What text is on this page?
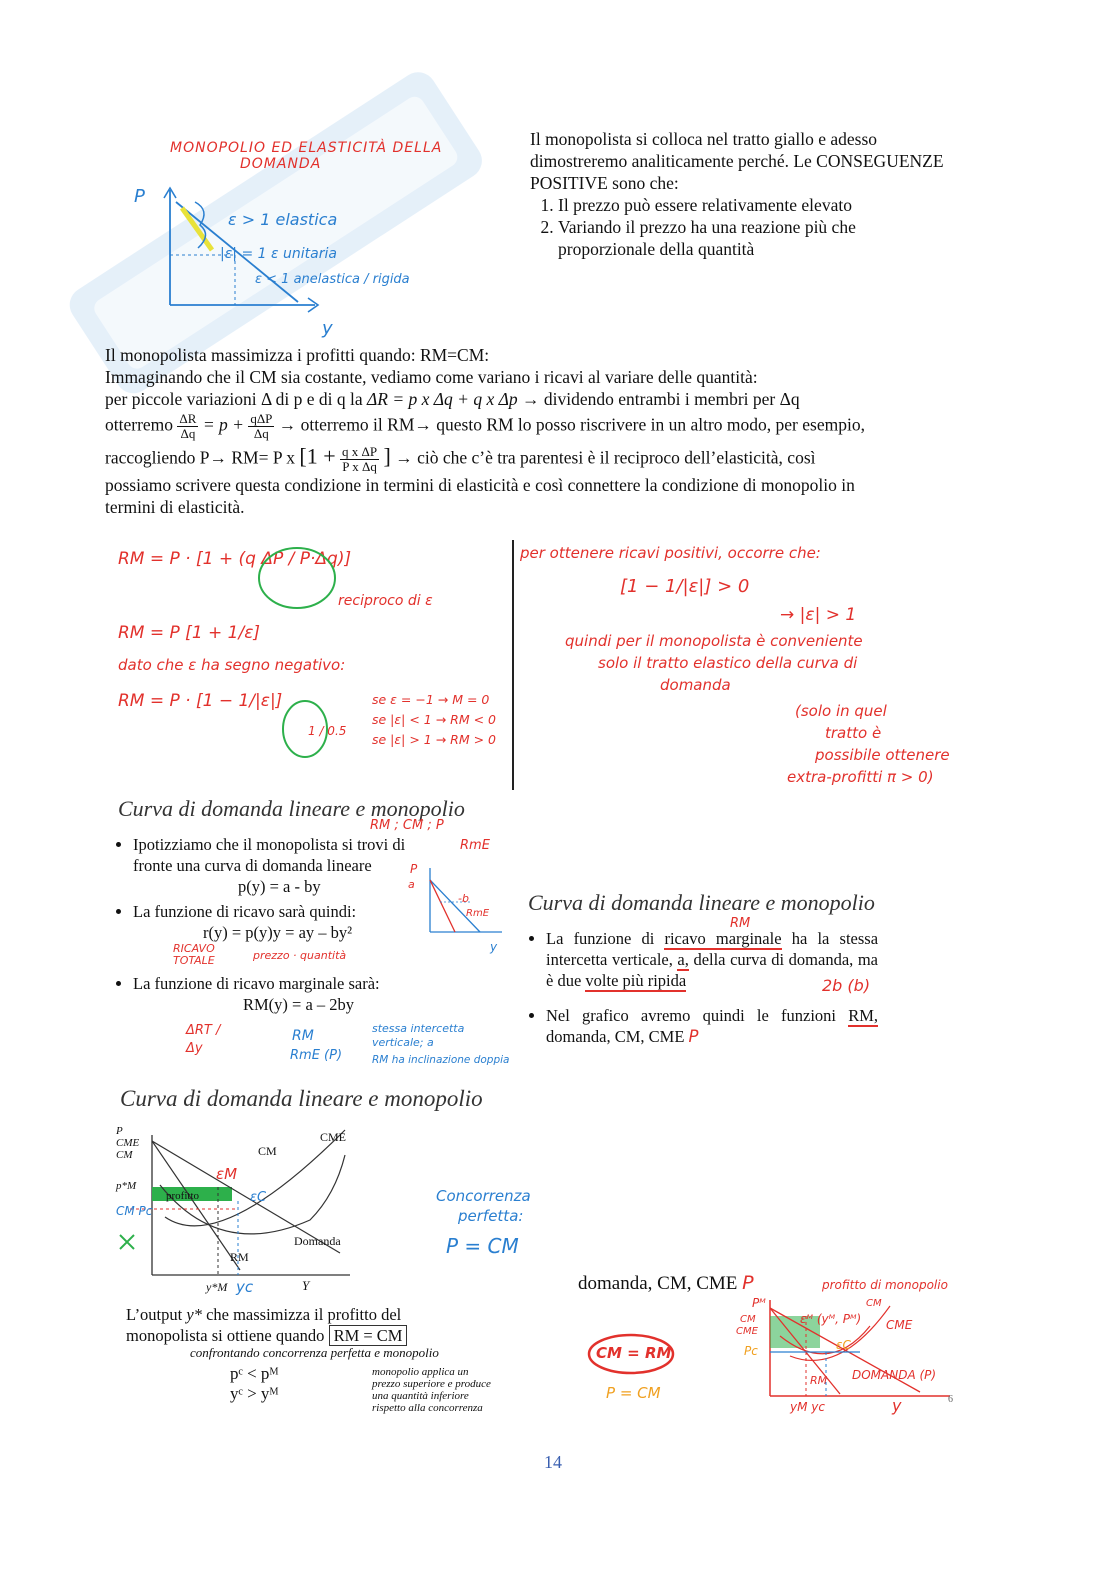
MONOPOLIO ED ELASTICITÀ DELLA
DOMANDA
P
y
ε > 1 elastica
|ε| = 1 ε unitaria
ε < 1 anelastica / rigida
Il monopolista si colloca nel tratto giallo e adesso dimostreremo analiticamente perché. Le CONSEGUENZE POSITIVE sono che:
1. Il prezzo può essere relativamente elevato
2. Variando il prezzo ha una reazione più che proporzionale della quantità
Il monopolista massimizza i profitti quando: RM=CM:
Immaginando che il CM sia costante, vediamo come variano i ricavi al variare delle quantità:
per piccole variazioni Δ di p e di q la ΔR = p x Δq + q x Δp → dividendo entrambi i membri per Δq
otterremo $\frac{\Delta R}{\Delta q} = p + \frac{\text{qΔP}}{\Delta q}$ → otterremo il RM→ questo RM lo posso riscrivere in un altro modo, per esempio,
raccogliendo P→ RM= P x [$1 + \frac{\text{q x ΔP}}{\text{P x Δq}}$ ] → ciò che c’è tra parentesi è il reciproco dell’elasticità, così
possiamo scrivere questa condizione in termini di elasticità e così connettere la condizione di monopolio in
termini di elasticità.
RM = P · [1 + (q ΔP / P·Δq)]
reciproco di ε
RM = P [1 + 1/ε]
dato che ε ha segno negativo:
RM = P · [1 − 1/|ε|]
1 / 0.5
se ε = −1 → M = 0
se |ε| < 1 → RM < 0
se |ε| > 1 → RM > 0
per ottenere ricavi positivi, occorre che:
[1 − 1/|ε|] > 0
→ |ε| > 1
quindi per il monopolista è conveniente
solo il tratto elastico della curva di
domanda
(solo in quel
tratto è
possibile ottenere
extra-profitti π > 0)
Curva di domanda lineare e monopolio
RM ; CM ; P
RmE
• Ipotizziamo che il monopolista si trovi di
fronte una curva di domanda lineare
p(y) = a - by
• La funzione di ricavo sarà quindi:
r(y) = p(y)y = ay – by²
RICAVO TOTALE	prezzo · quantità
• La funzione di ricavo marginale sarà:
RM(y) = a – 2by
ΔRT / Δy
RM
RmE (P)
stessa intercetta verticale; a
RM ha inclinazione doppia
P
a
-b
RmE
y
Curva di domanda lineare e monopolio
RM
• La funzione di ricavo marginale ha la stessa intercetta verticale, a, della curva di domanda, ma è due volte più ripida
• Nel grafico avremo quindi le funzioni RM, domanda, CM, CME P
2b (b)
Curva di domanda lineare e monopolio
P
CME
CM
CME
CM
p*M
profitto
CM Pc
εM
εC
Domanda
RM
y*M yc	Y
Concorrenza
perfetta:
P = CM
L’output y* che massimizza il profitto del
monopolista si ottiene quando RM = CM
confrontando concorrenza perfetta e monopolio
pᶜ < pᴹ
yᶜ > yᴹ
monopolio applica un
prezzo superiore e produce
una quantità inferiore
rispetto alla concorrenza
domanda, CM, CME P	profitto di monopolio
Pᴹ
CM
CME
Pc
εᴹ (yᴹ, Pᴹ)
CM
CME
εC
RM DOMANDA (P)
yM yc	y	6
CM = RM
P = CM
14
